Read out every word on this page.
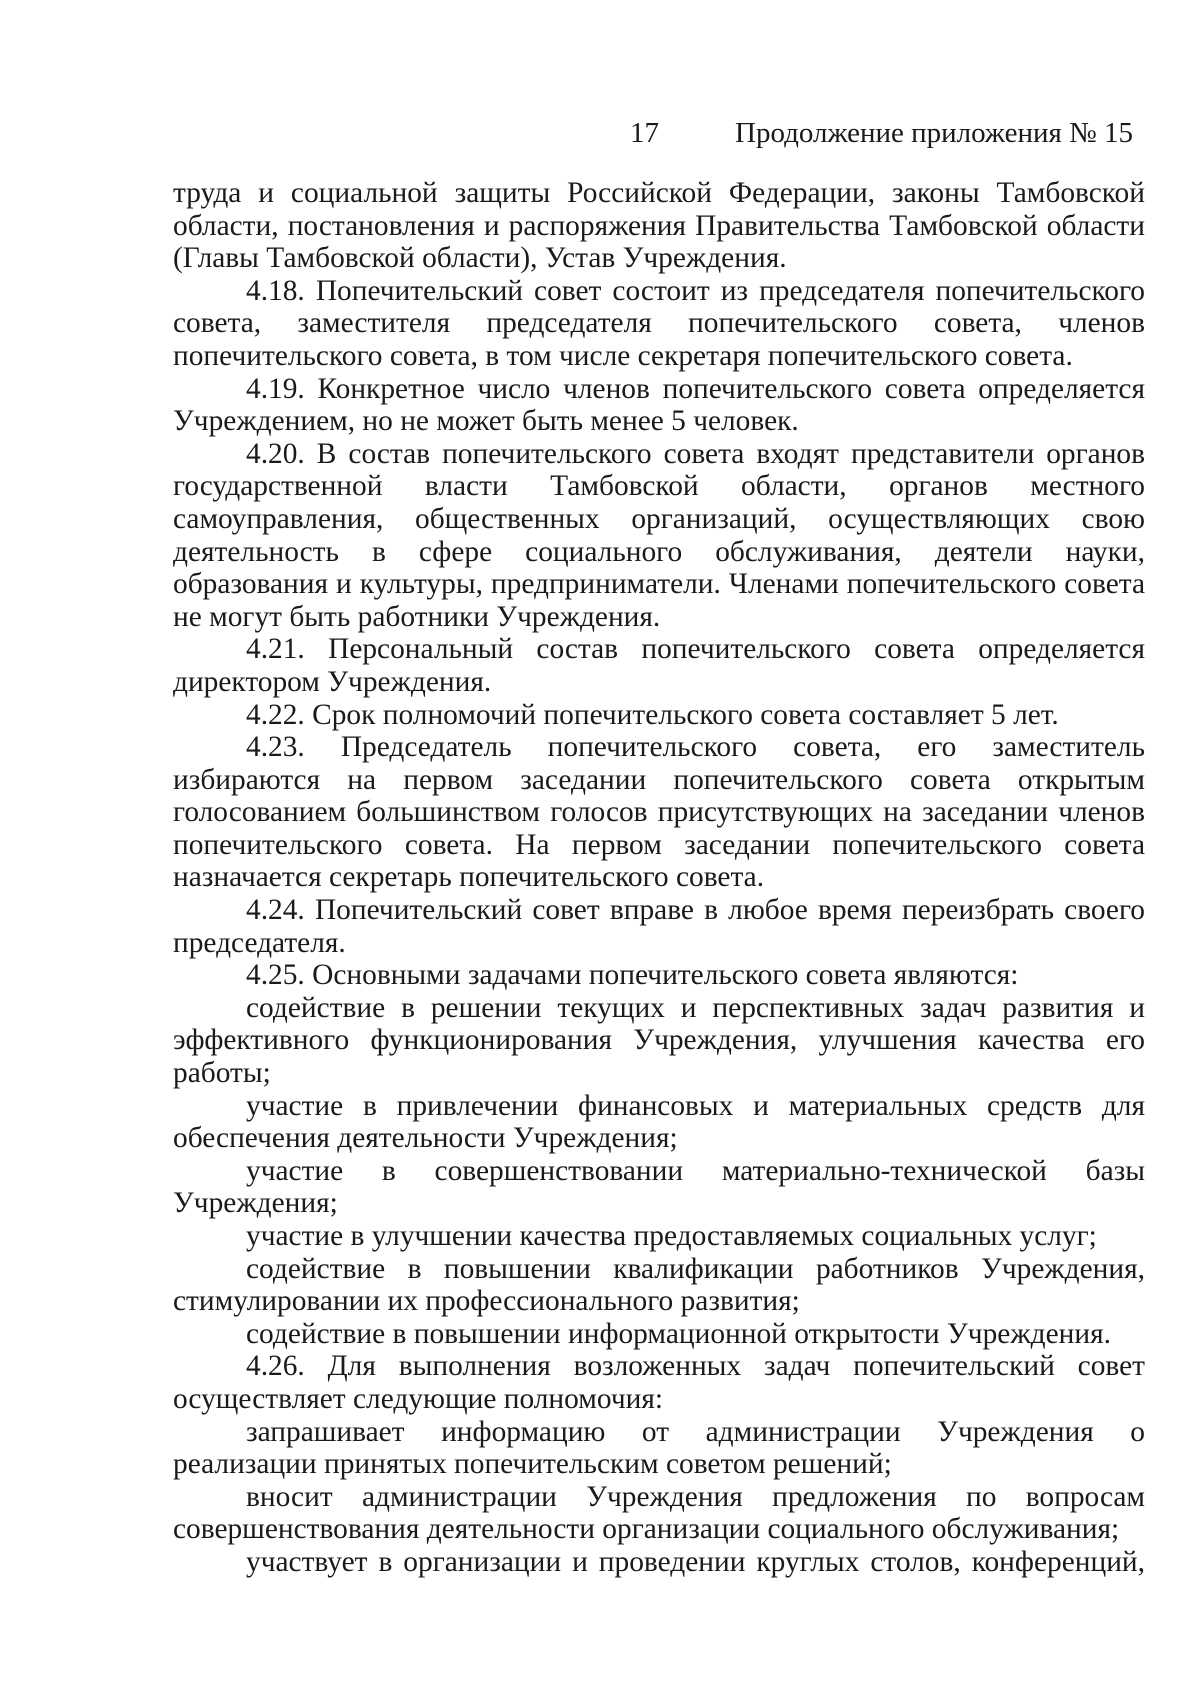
17	Продолжение приложения № 15

труда и социальной защиты Российской Федерации, законы Тамбовской области, постановления и распоряжения Правительства Тамбовской области (Главы Тамбовской области), Устав Учреждения.

4.18. Попечительский совет состоит из председателя попечительского совета, заместителя председателя попечительского совета, членов попечительского совета, в том числе секретаря попечительского совета.

4.19. Конкретное число членов попечительского совета определяется Учреждением, но не может быть менее 5 человек.

4.20. В состав попечительского совета входят представители органов государственной власти Тамбовской области, органов местного самоуправления, общественных организаций, осуществляющих свою деятельность в сфере социального обслуживания, деятели науки, образования и культуры, предприниматели. Членами попечительского совета не могут быть работники Учреждения.

4.21. Персональный состав попечительского совета определяется директором Учреждения.

4.22. Срок полномочий попечительского совета составляет 5 лет.

4.23. Председатель попечительского совета, его заместитель избираются на первом заседании попечительского совета открытым голосованием большинством голосов присутствующих на заседании членов попечительского совета. На первом заседании попечительского совета назначается секретарь попечительского совета.

4.24. Попечительский совет вправе в любое время переизбрать своего председателя.

4.25. Основными задачами попечительского совета являются:

содействие в решении текущих и перспективных задач развития и эффективного функционирования Учреждения, улучшения качества его работы;

участие в привлечении финансовых и материальных средств для обеспечения деятельности Учреждения;

участие в совершенствовании материально-технической базы Учреждения;

участие в улучшении качества предоставляемых социальных услуг;

содействие в повышении квалификации работников Учреждения, стимулировании их профессионального развития;

содействие в повышении информационной открытости Учреждения.

4.26. Для выполнения возложенных задач попечительский совет осуществляет следующие полномочия:

запрашивает информацию от администрации Учреждения о реализации принятых попечительским советом решений;

вносит администрации Учреждения предложения по вопросам совершенствования деятельности организации социального обслуживания;

участвует в организации и проведении круглых столов, конференций,
